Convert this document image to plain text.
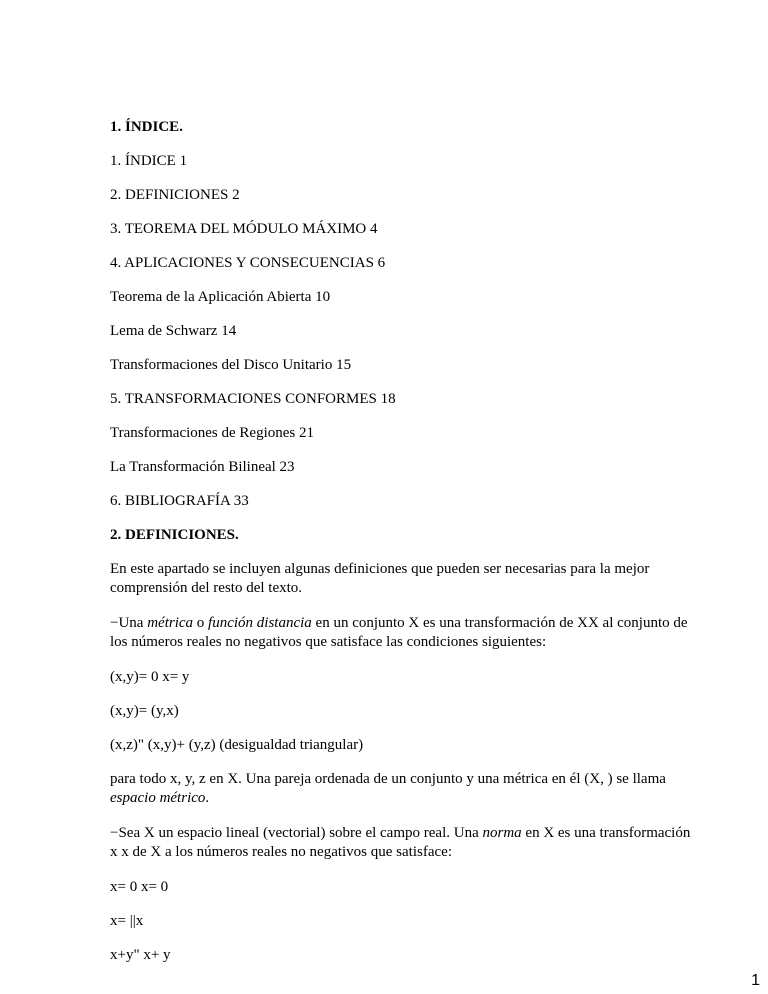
1. ÍNDICE.
1. ÍNDICE 1
2. DEFINICIONES 2
3. TEOREMA DEL MÓDULO MÁXIMO 4
4. APLICACIONES Y CONSECUENCIAS 6
Teorema de la Aplicación Abierta 10
Lema de Schwarz 14
Transformaciones del Disco Unitario 15
5. TRANSFORMACIONES CONFORMES 18
Transformaciones de Regiones 21
La Transformación Bilineal 23
6. BIBLIOGRAFÍA 33
2. DEFINICIONES.
En este apartado se incluyen algunas definiciones que pueden ser necesarias para la mejor comprensión del resto del texto.
−Una métrica o función distancia en un conjunto X es una transformación de XX al conjunto de los números reales no negativos que satisface las condiciones siguientes:
(x,y)= 0 x= y
(x,y)= (y,x)
(x,z)" (x,y)+ (y,z) (desigualdad triangular)
para todo x, y, z en X. Una pareja ordenada de un conjunto y una métrica en él (X, ) se llama espacio métrico.
−Sea X un espacio lineal (vectorial) sobre el campo real. Una norma en X es una transformación x x de X a los números reales no negativos que satisface:
x= 0 x= 0
x= ||x
x+y" x+ y
1
